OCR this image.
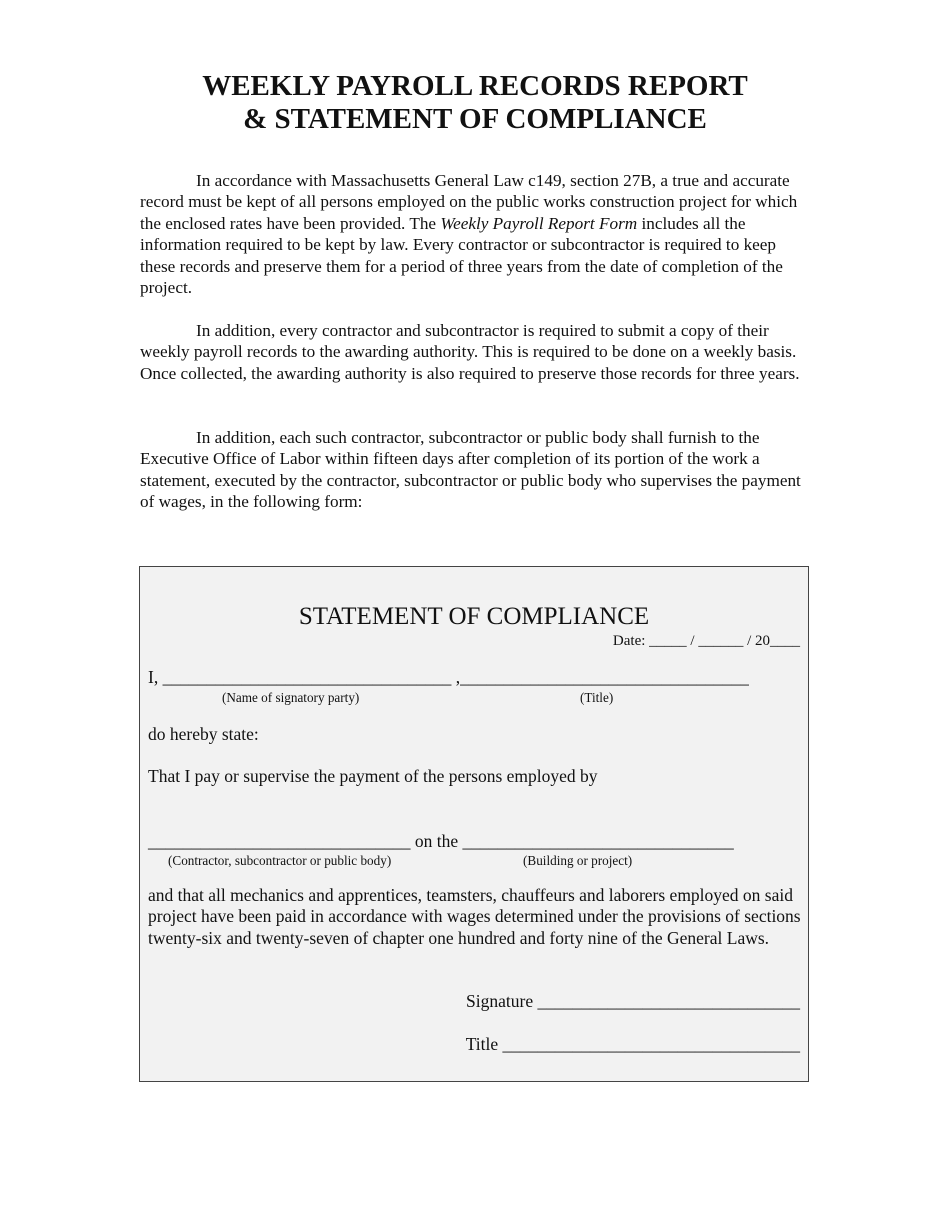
WEEKLY PAYROLL RECORDS REPORT
& STATEMENT OF COMPLIANCE

In accordance with Massachusetts General Law c149, section 27B, a true and accurate record must be kept of all persons employed on the public works construction project for which the enclosed rates have been provided. The Weekly Payroll Report Form includes all the information required to be kept by law. Every contractor or subcontractor is required to keep these records and preserve them for a period of three years from the date of completion of the project.

In addition, every contractor and subcontractor is required to submit a copy of their weekly payroll records to the awarding authority. This is required to be done on a weekly basis. Once collected, the awarding authority is also required to preserve those records for three years.

In addition, each such contractor, subcontractor or public body shall furnish to the Executive Office of Labor within fifteen days after completion of its portion of the work a statement, executed by the contractor, subcontractor or public body who supervises the payment of wages, in the following form:

STATEMENT OF COMPLIANCE
Date: _____ / ______ / 20____
I, _________________________________ ,_________________________________
(Name of signatory party)	(Title)
do hereby state:
That I pay or supervise the payment of the persons employed by
______________________________ on the _______________________________
(Contractor, subcontractor or public body)	(Building or project)

and that all mechanics and apprentices, teamsters, chauffeurs and laborers employed on said project have been paid in accordance with wages determined under the provisions of sections twenty-six and twenty-seven of chapter one hundred and forty nine of the General Laws.

Signature ______________________________
Title __________________________________
